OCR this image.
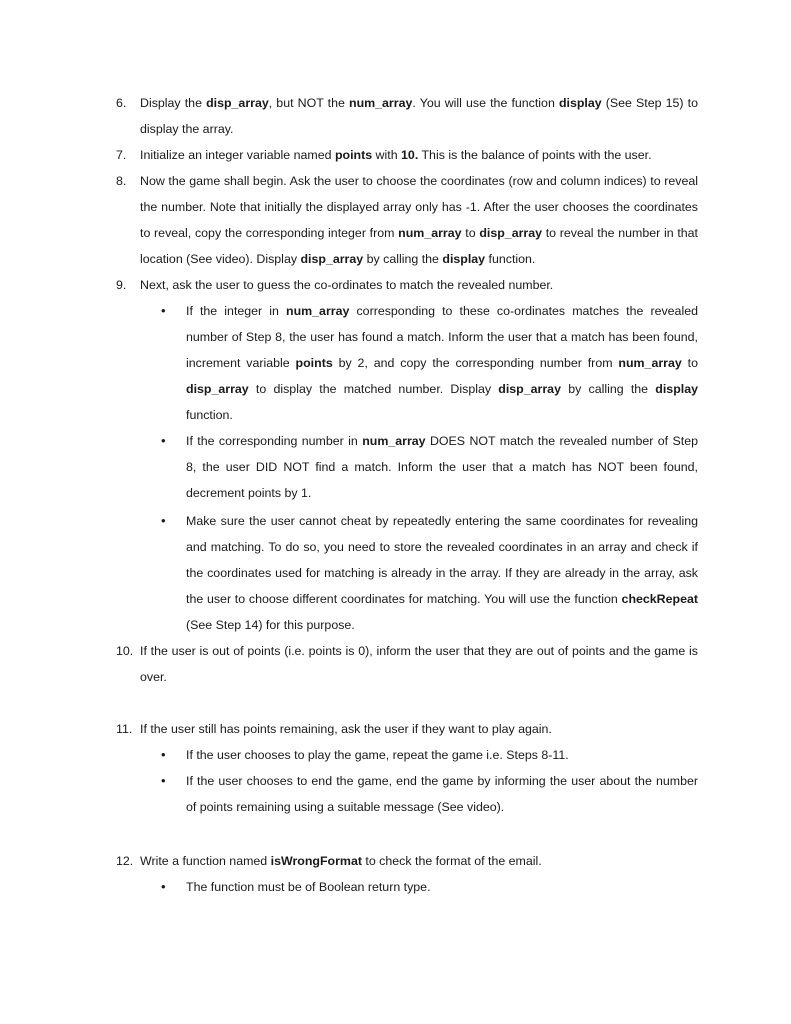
6. Display the disp_array, but NOT the num_array. You will use the function display (See Step 15) to display the array.
7. Initialize an integer variable named points with 10. This is the balance of points with the user.
8. Now the game shall begin. Ask the user to choose the coordinates (row and column indices) to reveal the number. Note that initially the displayed array only has -1. After the user chooses the coordinates to reveal, copy the corresponding integer from num_array to disp_array to reveal the number in that location (See video). Display disp_array by calling the display function.
9. Next, ask the user to guess the co-ordinates to match the revealed number.
• If the integer in num_array corresponding to these co-ordinates matches the revealed number of Step 8, the user has found a match. Inform the user that a match has been found, increment variable points by 2, and copy the corresponding number from num_array to disp_array to display the matched number. Display disp_array by calling the display function.
• If the corresponding number in num_array DOES NOT match the revealed number of Step 8, the user DID NOT find a match. Inform the user that a match has NOT been found, decrement points by 1.
• Make sure the user cannot cheat by repeatedly entering the same coordinates for revealing and matching. To do so, you need to store the revealed coordinates in an array and check if the coordinates used for matching is already in the array. If they are already in the array, ask the user to choose different coordinates for matching. You will use the function checkRepeat (See Step 14) for this purpose.
10. If the user is out of points (i.e. points is 0), inform the user that they are out of points and the game is over.
11. If the user still has points remaining, ask the user if they want to play again.
• If the user chooses to play the game, repeat the game i.e. Steps 8-11.
• If the user chooses to end the game, end the game by informing the user about the number of points remaining using a suitable message (See video).
12. Write a function named isWrongFormat to check the format of the email.
• The function must be of Boolean return type.
